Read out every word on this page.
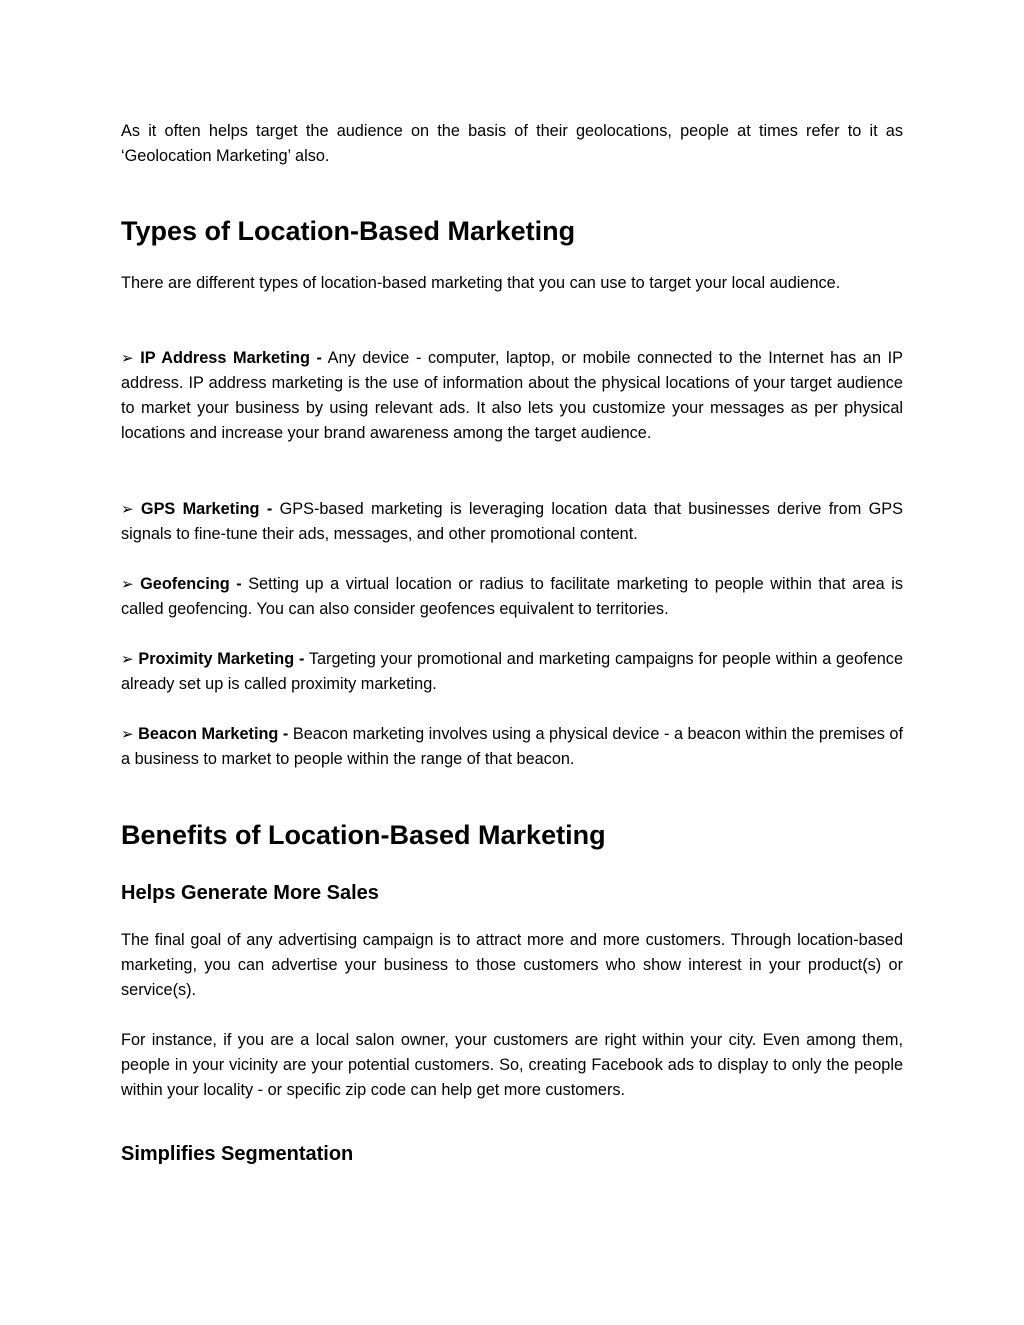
As it often helps target the audience on the basis of their geolocations, people at times refer to it as ‘Geolocation Marketing’ also.

Types of Location-Based Marketing

There are different types of location-based marketing that you can use to target your local audience.

➢ IP Address Marketing - Any device - computer, laptop, or mobile connected to the Internet has an IP address. IP address marketing is the use of information about the physical locations of your target audience to market your business by using relevant ads. It also lets you customize your messages as per physical locations and increase your brand awareness among the target audience.

➢ GPS Marketing - GPS-based marketing is leveraging location data that businesses derive from GPS signals to fine-tune their ads, messages, and other promotional content.

➢ Geofencing - Setting up a virtual location or radius to facilitate marketing to people within that area is called geofencing. You can also consider geofences equivalent to territories.

➢ Proximity Marketing - Targeting your promotional and marketing campaigns for people within a geofence already set up is called proximity marketing.

➢ Beacon Marketing - Beacon marketing involves using a physical device - a beacon within the premises of a business to market to people within the range of that beacon.

Benefits of Location-Based Marketing
Helps Generate More Sales

The final goal of any advertising campaign is to attract more and more customers. Through location-based marketing, you can advertise your business to those customers who show interest in your product(s) or service(s).

For instance, if you are a local salon owner, your customers are right within your city. Even among them, people in your vicinity are your potential customers. So, creating Facebook ads to display to only the people within your locality - or specific zip code can help get more customers.

Simplifies Segmentation
